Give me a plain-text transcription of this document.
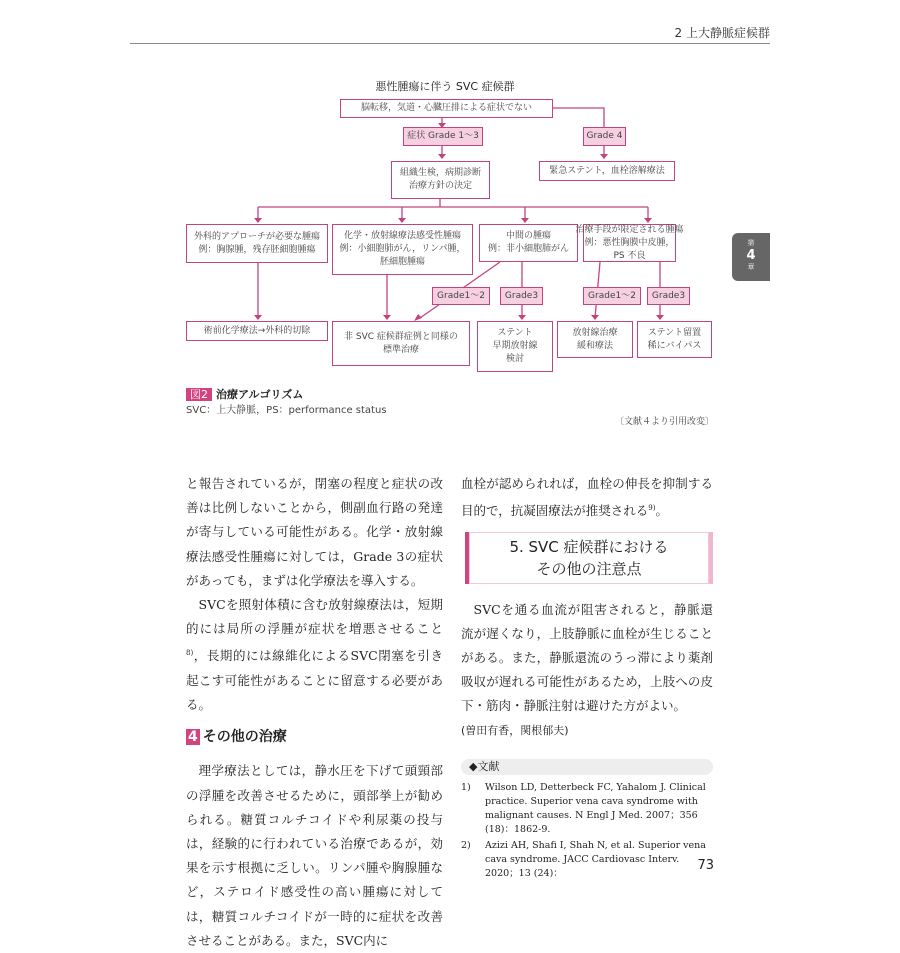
2 上大静脈症候群
第
4
章
悪性腫瘍に伴う SVC 症候群
脳転移，気道・心臓圧排による症状でない
症状 Grade 1〜3	Grade 4
組織生検，病期診断
治療方針の決定
緊急ステント，血栓溶解療法
外科的アプローチが必要な腫瘍
例：胸腺腫，残存胚細胞腫瘍
化学・放射線療法感受性腫瘍
例：小細胞肺がん，リンパ腫，
胚細胞腫瘍
中間の腫瘍
例：非小細胞肺がん
治療手段が限定される腫瘍
例：悪性胸膜中皮腫，
PS 不良
Grade1〜2 Grade3	Grade1〜2 Grade3
術前化学療法→外科的切除
非 SVC 症候群症例と同様の
標準治療
ステント
早期放射線
検討
放射線治療
緩和療法
ステント留置
稀にバイパス
図2 治療アルゴリズム
SVC：上大静脈，PS：performance status
〔文献４より引用改変〕

と報告されているが，閉塞の程度と症状の改善は比例しないことから，側副血行路の発達が寄与している可能性がある。化学・放射線療法感受性腫瘍に対しては，Grade 3の症状があっても，まずは化学療法を導入する。

SVCを照射体積に含む放射線療法は，短期的には局所の浮腫が症状を増悪させること$^{8)}$，長期的には線維化によるSVC閉塞を引き起こす可能性があることに留意する必要がある。

4 その他の治療

理学療法としては，静水圧を下げて頭頸部の浮腫を改善させるために，頭部挙上が勧められる。糖質コルチコイドや利尿薬の投与は，経験的に行われている治療であるが，効果を示す根拠に乏しい。リンパ腫や胸腺腫など，ステロイド感受性の高い腫瘍に対しては，糖質コルチコイドが一時的に症状を改善させることがある。また，SVC内に

血栓が認められれば，血栓の伸長を抑制する目的で，抗凝固療法が推奨される$^{9)}$。

5. SVC 症候群における
その他の注意点

SVCを通る血流が阻害されると，静脈還流が遅くなり，上肢静脈に血栓が生じることがある。また，静脈還流のうっ滞により薬剤吸収が遅れる可能性があるため，上肢への皮下・筋肉・静脈注射は避けた方がよい。

(曽田有香，関根郁夫)

◆文献
1)	Wilson LD, Detterbeck FC, Yahalom J. Clinical practice. Superior vena cava syndrome with malignant causes. N Engl J Med. 2007；356 (18)：1862-9.
2)	Azizi AH, Shafi I, Shah N, et al. Superior vena cava syndrome. JACC Cardiovasc Interv. 2020；13 (24)：
73
